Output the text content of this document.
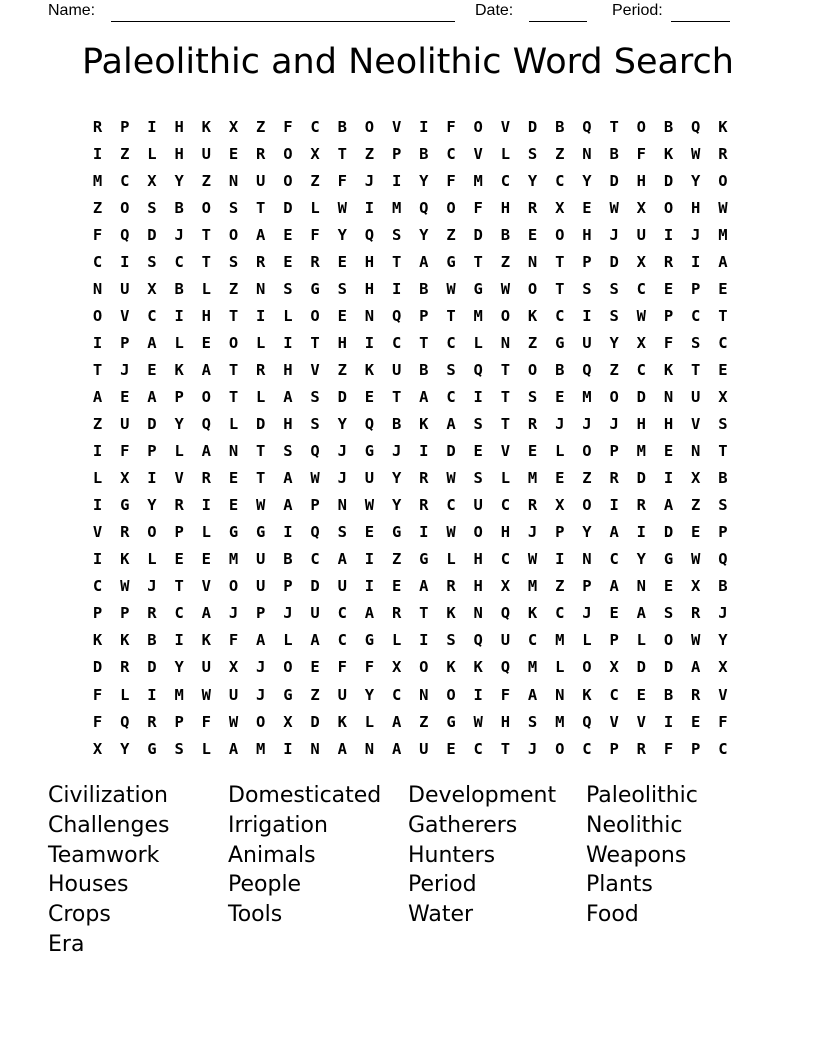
Name:	Date:	Period:
Paleolithic and Neolithic Word Search
R	P	I	H	K	X	Z	F	C	B	O	V	I	F	O	V	D	B	Q	T	O	B	Q	K
I	Z	L	H	U	E	R	O	X	T	Z	P	B	C	V	L	S	Z	N	B	F	K	W	R
M	C	X	Y	Z	N	U	O	Z	F	J	I	Y	F	M	C	Y	C	Y	D	H	D	Y	O
Z	O	S	B	O	S	T	D	L	W	I	M	Q	O	F	H	R	X	E	W	X	O	H	W
F	Q	D	J	T	O	A	E	F	Y	Q	S	Y	Z	D	B	E	O	H	J	U	I	J	M
C	I	S	C	T	S	R	E	R	E	H	T	A	G	T	Z	N	T	P	D	X	R	I	A
N	U	X	B	L	Z	N	S	G	S	H	I	B	W	G	W	O	T	S	S	C	E	P	E
O	V	C	I	H	T	I	L	O	E	N	Q	P	T	M	O	K	C	I	S	W	P	C	T
I	P	A	L	E	O	L	I	T	H	I	C	T	C	L	N	Z	G	U	Y	X	F	S	C
T	J	E	K	A	T	R	H	V	Z	K	U	B	S	Q	T	O	B	Q	Z	C	K	T	E
A	E	A	P	O	T	L	A	S	D	E	T	A	C	I	T	S	E	M	O	D	N	U	X
Z	U	D	Y	Q	L	D	H	S	Y	Q	B	K	A	S	T	R	J	J	J	H	H	V	S
I	F	P	L	A	N	T	S	Q	J	G	J	I	D	E	V	E	L	O	P	M	E	N	T
L	X	I	V	R	E	T	A	W	J	U	Y	R	W	S	L	M	E	Z	R	D	I	X	B
I	G	Y	R	I	E	W	A	P	N	W	Y	R	C	U	C	R	X	O	I	R	A	Z	S
V	R	O	P	L	G	G	I	Q	S	E	G	I	W	O	H	J	P	Y	A	I	D	E	P
I	K	L	E	E	M	U	B	C	A	I	Z	G	L	H	C	W	I	N	C	Y	G	W	Q
C	W	J	T	V	O	U	P	D	U	I	E	A	R	H	X	M	Z	P	A	N	E	X	B
P	P	R	C	A	J	P	J	U	C	A	R	T	K	N	Q	K	C	J	E	A	S	R	J
K	K	B	I	K	F	A	L	A	C	G	L	I	S	Q	U	C	M	L	P	L	O	W	Y
D	R	D	Y	U	X	J	O	E	F	F	X	O	K	K	Q	M	L	O	X	D	D	A	X
F	L	I	M	W	U	J	G	Z	U	Y	C	N	O	I	F	A	N	K	C	E	B	R	V
F	Q	R	P	F	W	O	X	D	K	L	A	Z	G	W	H	S	M	Q	V	V	I	E	F
X	Y	G	S	L	A	M	I	N	A	N	A	U	E	C	T	J	O	C	P	R	F	P	C
Civilization
Challenges
Teamwork
Houses
Crops
Era
Domesticated
Irrigation
Animals
People
Tools
Development
Gatherers
Hunters
Period
Water
Paleolithic
Neolithic
Weapons
Plants
Food
